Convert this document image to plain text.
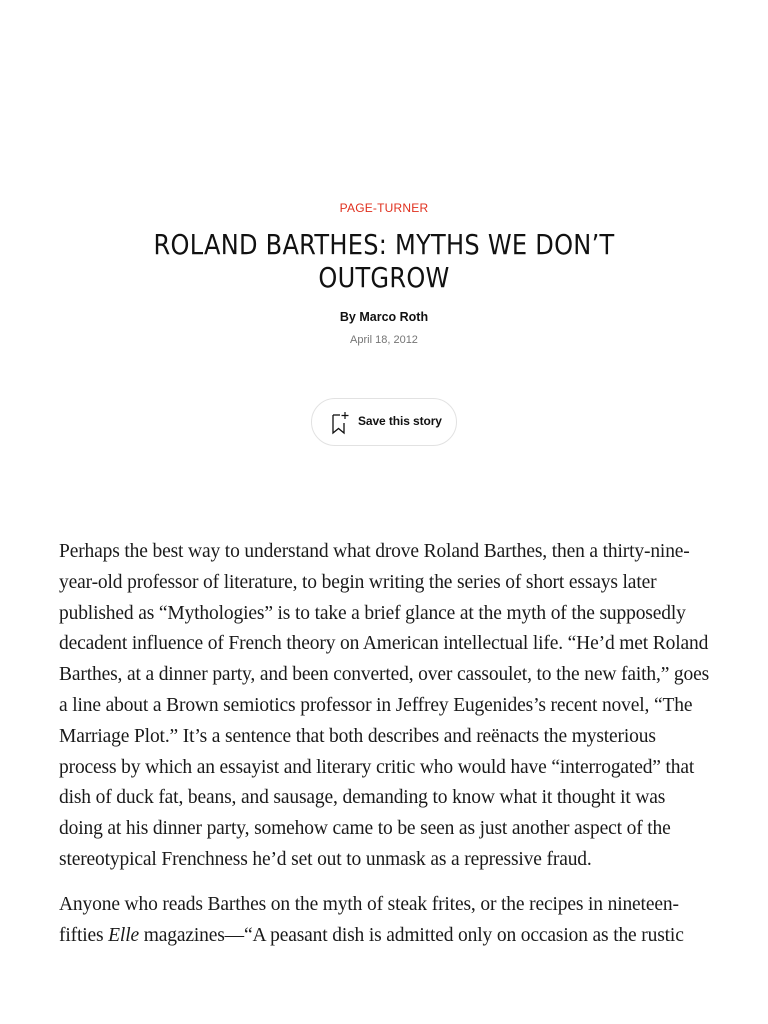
PAGE-TURNER
ROLAND BARTHES: MYTHS WE DON’T OUTGROW
By Marco Roth
April 18, 2012
Save this story

Perhaps the best way to understand what drove Roland Barthes, then a thirty-nine-year-old professor of literature, to begin writing the series of short essays later published as “Mythologies” is to take a brief glance at the myth of the supposedly decadent influence of French theory on American intellectual life. “He’d met Roland Barthes, at a dinner party, and been converted, over cassoulet, to the new faith,” goes a line about a Brown semiotics professor in Jeffrey Eugenides’s recent novel, “The Marriage Plot.” It’s a sentence that both describes and reënacts the mysterious process by which an essayist and literary critic who would have “interrogated” that dish of duck fat, beans, and sausage, demanding to know what it thought it was doing at his dinner party, somehow came to be seen as just another aspect of the stereotypical Frenchness he’d set out to unmask as a repressive fraud.

Anyone who reads Barthes on the myth of steak frites, or the recipes in nineteen-fifties Elle magazines—“A peasant dish is admitted only on occasion as the rustic
